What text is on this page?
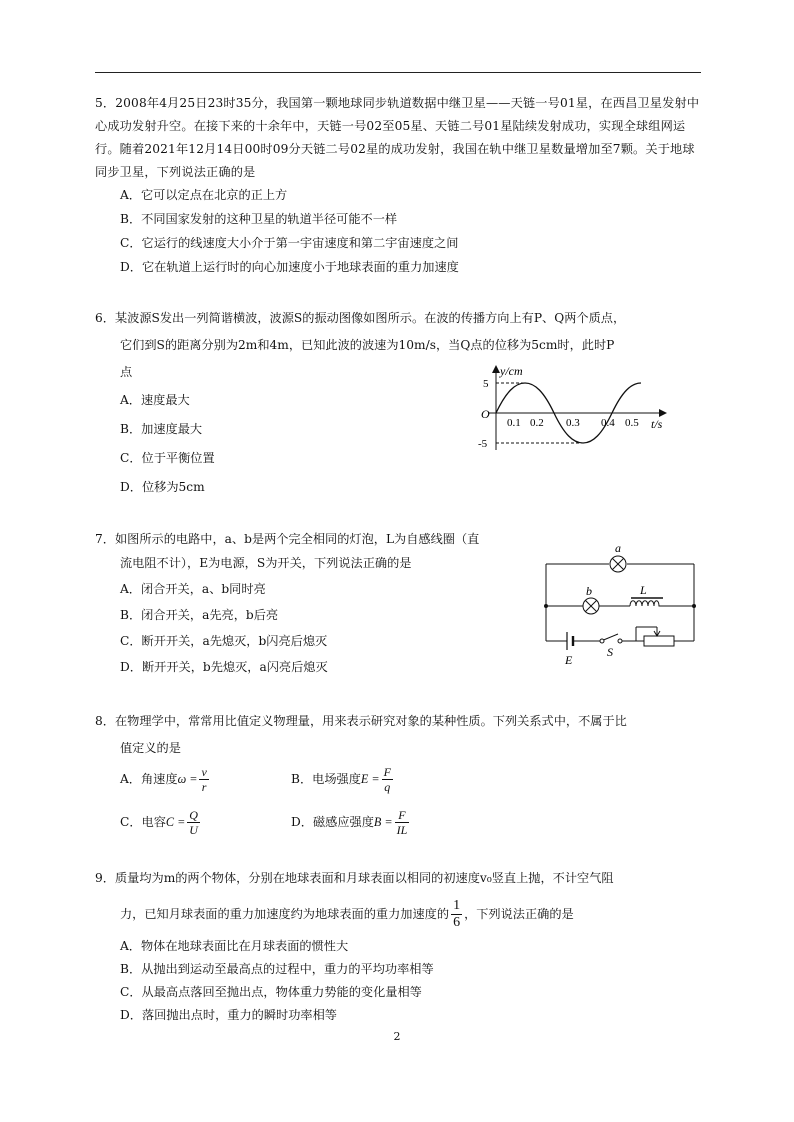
5．2008年4月25日23时35分，我国第一颗地球同步轨道数据中继卫星——天链一号01星，在西昌卫星发射中心成功发射升空。在接下来的十余年中，天链一号02至05星、天链二号01星陆续发射成功，实现全球组网运行。随着2021年12月14日00时09分天链二号02星的成功发射，我国在轨中继卫星数量增加至7颗。关于地球同步卫星，下列说法正确的是

A．它可以定点在北京的正上方
B．不同国家发射的这种卫星的轨道半径可能不一样
C．它运行的线速度大小介于第一宇宙速度和第二宇宙速度之间
D．它在轨道上运行时的向心加速度小于地球表面的重力加速度
6．某波源S发出一列简谐横波，波源S的振动图像如图所示。在波的传播方向上有P、Q两个质点，
它们到S的距离分别为2m和4m，已知此波的波速为10m/s，当Q点的位移为5cm时，此时P
点
A．速度最大
B．加速度最大
C．位于平衡位置
D．位移为5cm
y/cm
t/s
O
5
-5
0.1 0.2 0.3 0.4 0.5
7．如图所示的电路中，a、b是两个完全相同的灯泡，L为自感线圈（直
流电阻不计），E为电源，S为开关，下列说法正确的是
A．闭合开关，a、b同时亮
B．闭合开关，a先亮，b后亮
C．断开开关，a先熄灭，b闪亮后熄灭
D．断开开关，b先熄灭，a闪亮后熄灭
a
b	L
E
S
8．在物理学中，常常用比值定义物理量，用来表示研究对象的某种性质。下列关系式中，不属于比
值定义的是
A．角速度$\omega = \frac{v}{r}$	B．电场强度$E = \frac{F}{q}$
C．电容$C = \frac{Q}{U}$	D．磁感应强度$B = \frac{F}{IL}$
9．质量均为m的两个物体，分别在地球表面和月球表面以相同的初速度v₀竖直上抛，不计空气阻
力，已知月球表面的重力加速度约为地球表面的重力加速度的 $\frac{1}{6}$ ，下列说法正确的是
A．物体在地球表面比在月球表面的惯性大
B．从抛出到运动至最高点的过程中，重力的平均功率相等
C．从最高点落回至抛出点，物体重力势能的变化量相等
D．落回抛出点时，重力的瞬时功率相等
2
